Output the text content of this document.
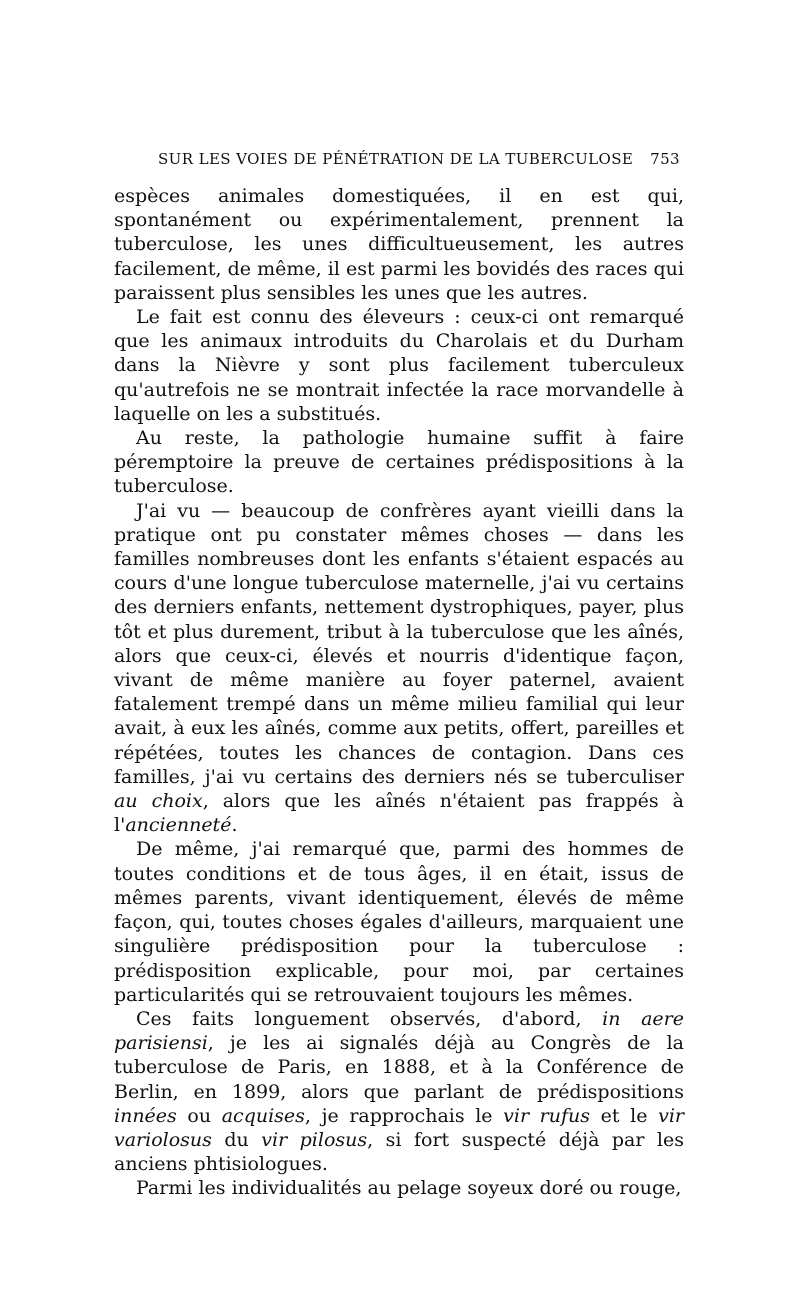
SUR LES VOIES DE PÉNÉTRATION DE LA TUBERCULOSE 753

espèces animales domestiquées, il en est qui, spontanément ou expérimentalement, prennent la tuberculose, les unes difficultueusement, les autres facilement, de même, il est parmi les bovidés des races qui paraissent plus sensibles les unes que les autres.

Le fait est connu des éleveurs : ceux-ci ont remarqué que les animaux introduits du Charolais et du Durham dans la Nièvre y sont plus facilement tuberculeux qu'autrefois ne se montrait infectée la race morvandelle à laquelle on les a substitués.

Au reste, la pathologie humaine suffit à faire péremptoire la preuve de certaines prédispositions à la tuberculose.

J'ai vu — beaucoup de confrères ayant vieilli dans la pratique ont pu constater mêmes choses — dans les familles nombreuses dont les enfants s'étaient espacés au cours d'une longue tuberculose maternelle, j'ai vu certains des derniers enfants, nettement dystrophiques, payer, plus tôt et plus durement, tribut à la tuberculose que les aînés, alors que ceux-ci, élevés et nourris d'identique façon, vivant de même manière au foyer paternel, avaient fatalement trempé dans un même milieu familial qui leur avait, à eux les aînés, comme aux petits, offert, pareilles et répétées, toutes les chances de contagion. Dans ces familles, j'ai vu certains des derniers nés se tuberculiser au choix, alors que les aînés n'étaient pas frappés à l'ancienneté.

De même, j'ai remarqué que, parmi des hommes de toutes conditions et de tous âges, il en était, issus de mêmes parents, vivant identiquement, élevés de même façon, qui, toutes choses égales d'ailleurs, marquaient une singulière prédisposition pour la tuberculose : prédisposition explicable, pour moi, par certaines particularités qui se retrouvaient toujours les mêmes.

Ces faits longuement observés, d'abord, in aere parisiensi, je les ai signalés déjà au Congrès de la tuberculose de Paris, en 1888, et à la Conférence de Berlin, en 1899, alors que parlant de prédispositions innées ou acquises, je rapprochais le vir rufus et le vir variolosus du vir pilosus, si fort suspecté déjà par les anciens phtisiologues.

Parmi les individualités au pelage soyeux doré ou rouge,
